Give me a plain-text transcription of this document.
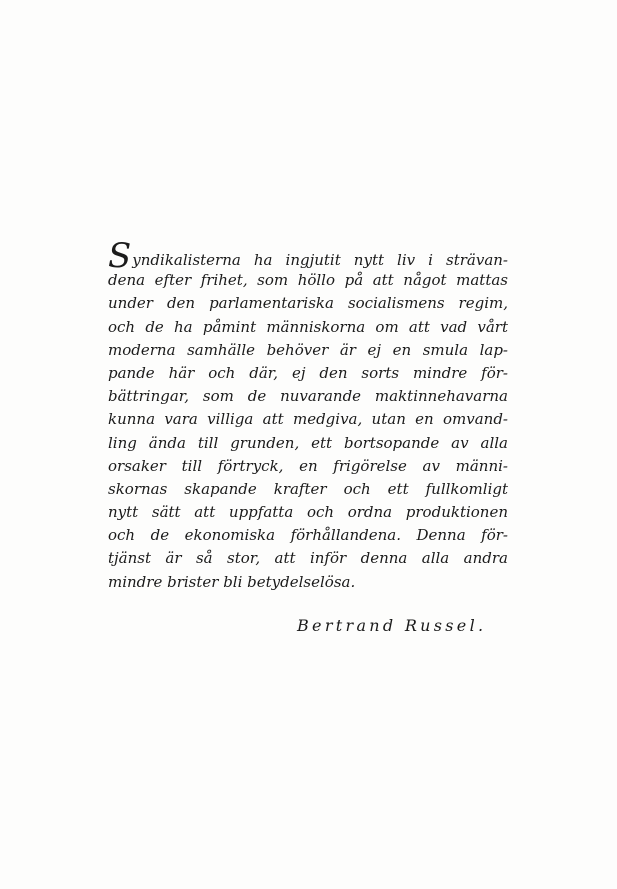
Syndikalisterna ha ingjutit nytt liv i strävan-
dena efter frihet, som höllo på att något mattas
under den parlamentariska socialismens regim,
och de ha påmint människorna om att vad vårt
moderna samhälle behöver är ej en smula lap-
pande här och där, ej den sorts mindre för-
bättringar, som de nuvarande maktinnehavarna
kunna vara villiga att medgiva, utan en omvand-
ling ända till grunden, ett bortsopande av alla
orsaker till förtryck, en frigörelse av männi-
skornas skapande krafter och ett fullkomligt
nytt sätt att uppfatta och ordna produktionen
och de ekonomiska förhållandena. Denna för-
tjänst är så stor, att inför denna alla andra
mindre brister bli betydelselösa.
Bertrand Russel.
